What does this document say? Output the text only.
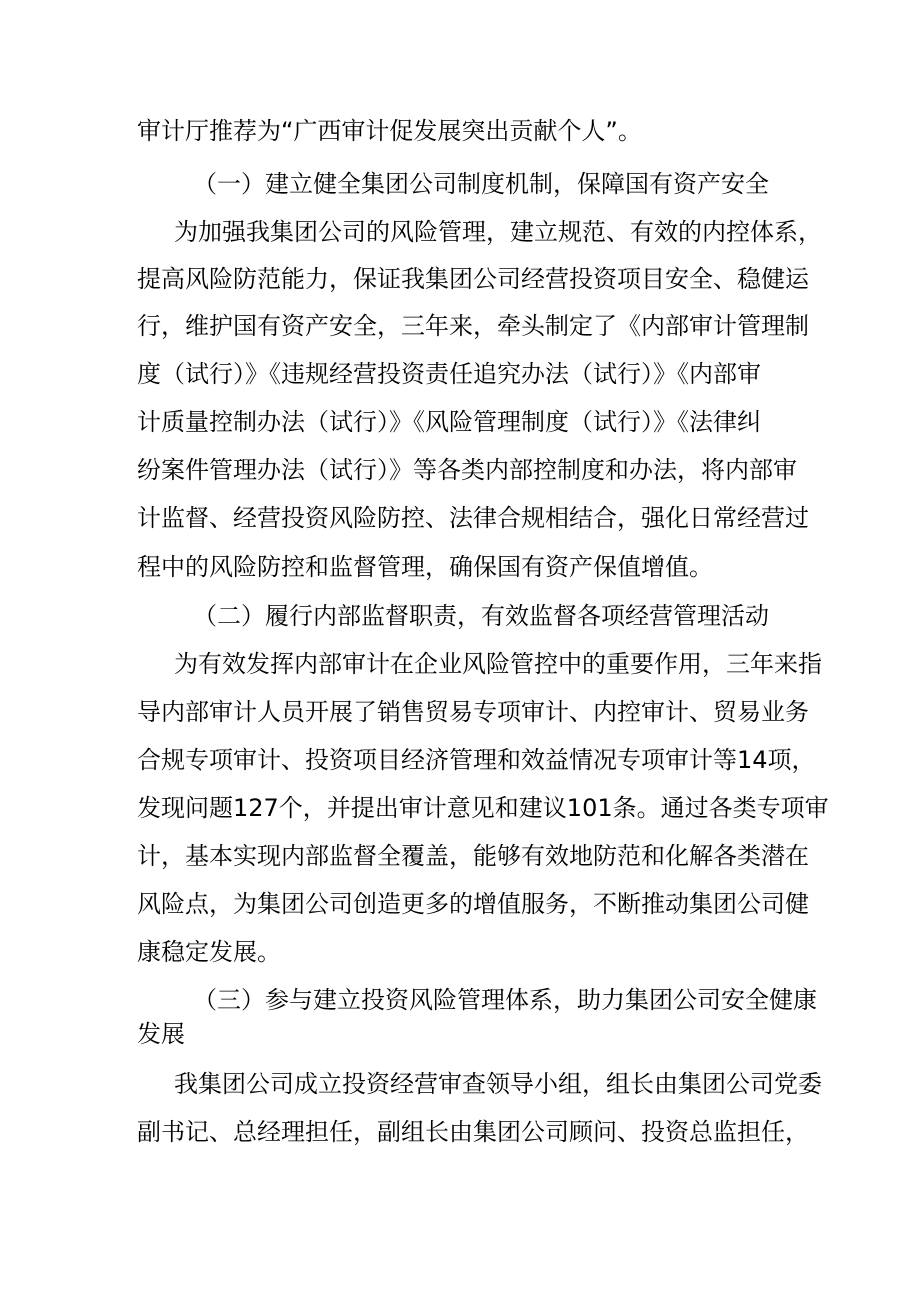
审计厅推荐为“广西审计促发展突出贡献个人”。
（一）建立健全集团公司制度机制，保障国有资产安全
为加强我集团公司的风险管理，建立规范、有效的内控体系，
提高风险防范能力，保证我集团公司经营投资项目安全、稳健运
行，维护国有资产安全，三年来，牵头制定了《内部审计管理制
度（试行）》《违规经营投资责任追究办法（试行）》《内部审
计质量控制办法（试行）》《风险管理制度（试行）》《法律纠
纷案件管理办法（试行）》等各类内部控制度和办法，将内部审
计监督、经营投资风险防控、法律合规相结合，强化日常经营过
程中的风险防控和监督管理，确保国有资产保值增值。
（二）履行内部监督职责，有效监督各项经营管理活动
为有效发挥内部审计在企业风险管控中的重要作用，三年来指
导内部审计人员开展了销售贸易专项审计、内控审计、贸易业务
合规专项审计、投资项目经济管理和效益情况专项审计等14项，
发现问题127个，并提出审计意见和建议101条。通过各类专项审
计，基本实现内部监督全覆盖，能够有效地防范和化解各类潜在
风险点，为集团公司创造更多的增值服务，不断推动集团公司健
康稳定发展。
（三）参与建立投资风险管理体系，助力集团公司安全健康
发展
我集团公司成立投资经营审查领导小组，组长由集团公司党委
副书记、总经理担任，副组长由集团公司顾问、投资总监担任，
